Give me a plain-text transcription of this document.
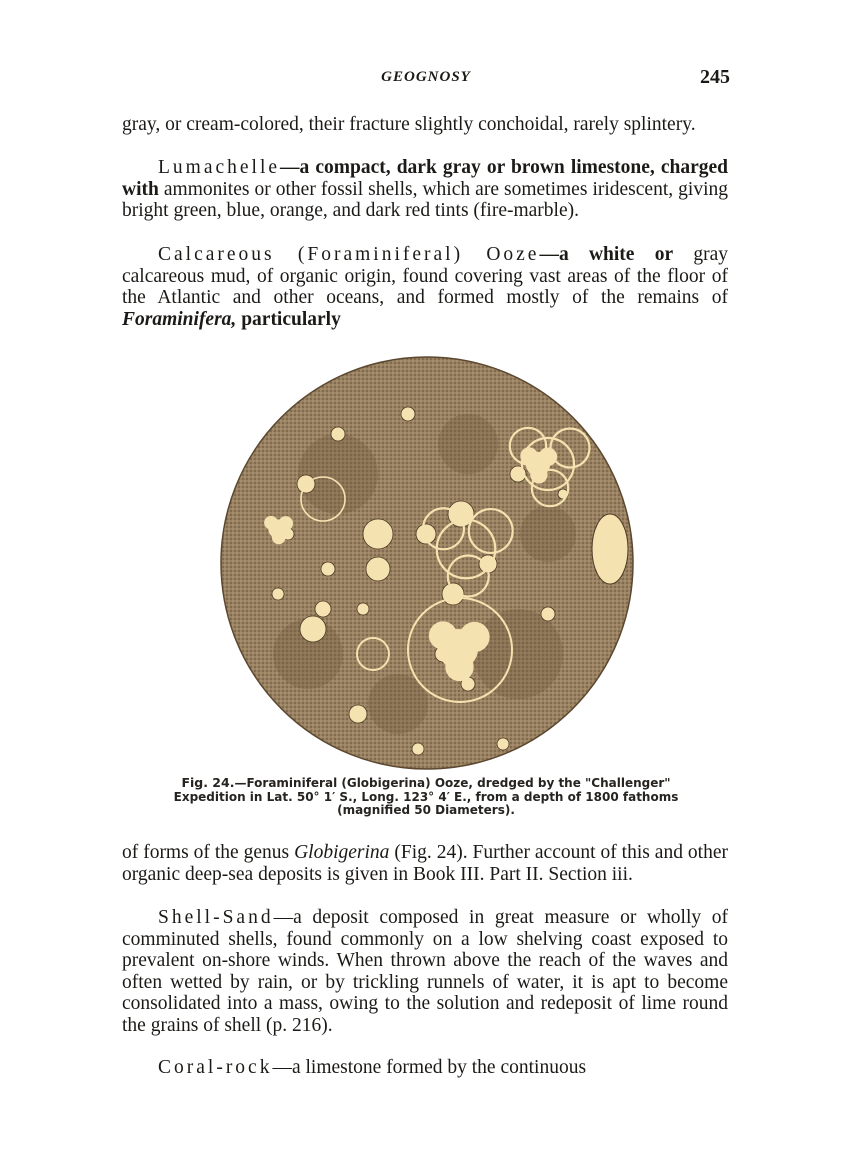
GEOGNOSY	245

gray, or cream-colored, their fracture slightly conchoidal, rarely splintery.

Lumachelle—a compact, dark gray or brown limestone, charged with ammonites or other fossil shells, which are sometimes iridescent, giving bright green, blue, orange, and dark red tints (fire-marble).

Calcareous (Foraminiferal) Ooze—a white or gray calcareous mud, of organic origin, found covering vast areas of the floor of the Atlantic and other oceans, and formed mostly of the remains of Foraminifera, particularly

Fig. 24.—Foraminiferal (Globigerina) Ooze, dredged by the "Challenger" Expedition in Lat. 50° 1′ S., Long. 123° 4′ E., from a depth of 1800 fathoms (magnified 50 Diameters).

of forms of the genus Globigerina (Fig. 24). Further account of this and other organic deep-sea deposits is given in Book III. Part II. Section iii.

Shell-Sand—a deposit composed in great measure or wholly of comminuted shells, found commonly on a low shelving coast exposed to prevalent on-shore winds. When thrown above the reach of the waves and often wetted by rain, or by trickling runnels of water, it is apt to become consolidated into a mass, owing to the solution and redeposit of lime round the grains of shell (p. 216).

Coral-rock—a limestone formed by the continuous
